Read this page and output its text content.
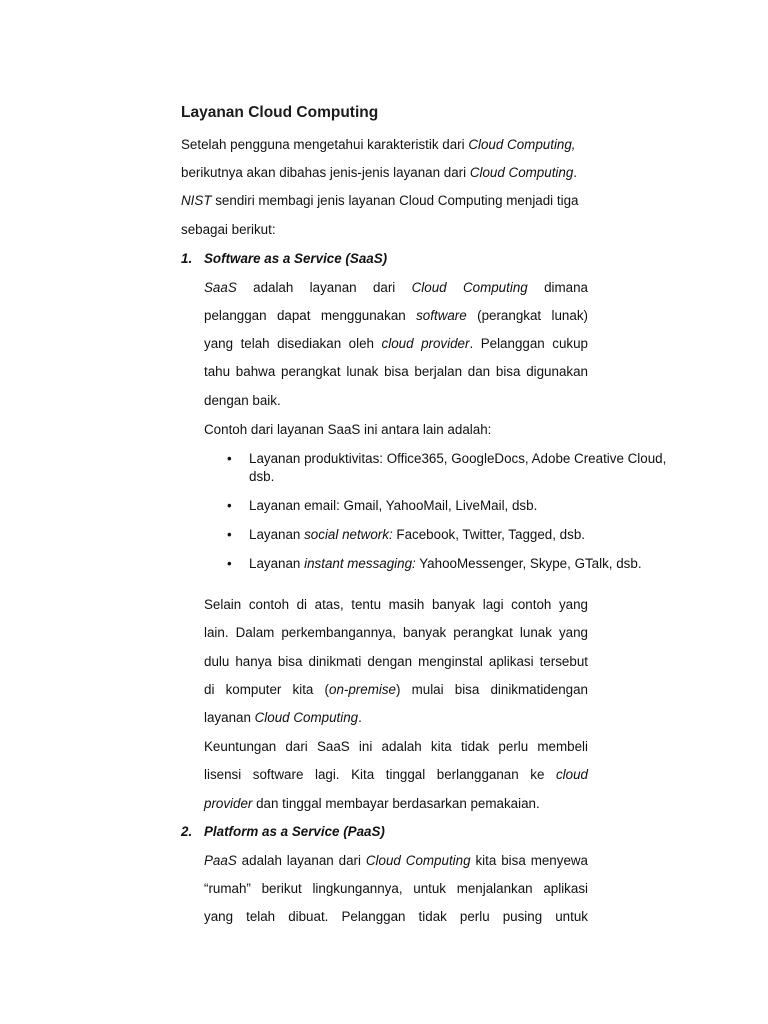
Layanan Cloud Computing
Setelah pengguna mengetahui karakteristik dari Cloud Computing,
berikutnya akan dibahas jenis-jenis layanan dari Cloud Computing.
NIST sendiri membagi jenis layanan Cloud Computing menjadi tiga
sebagai berikut:
1. Software as a Service (SaaS)
SaaS adalah layanan dari Cloud Computing dimana
pelanggan dapat menggunakan software (perangkat lunak)
yang telah disediakan oleh cloud provider. Pelanggan cukup
tahu bahwa perangkat lunak bisa berjalan dan bisa digunakan
dengan baik.
Contoh dari layanan SaaS ini antara lain adalah:
• Layanan produktivitas: Office365, GoogleDocs, Adobe Creative Cloud, dsb.
• Layanan email: Gmail, YahooMail, LiveMail, dsb.
• Layanan social network: Facebook, Twitter, Tagged, dsb.
• Layanan instant messaging: YahooMessenger, Skype, GTalk, dsb.
Selain contoh di atas, tentu masih banyak lagi contoh yang
lain. Dalam perkembangannya, banyak perangkat lunak yang
dulu hanya bisa dinikmati dengan menginstal aplikasi tersebut
di komputer kita (on-premise) mulai bisa dinikmatidengan
layanan Cloud Computing.
Keuntungan dari SaaS ini adalah kita tidak perlu membeli
lisensi software lagi. Kita tinggal berlangganan ke cloud
provider dan tinggal membayar berdasarkan pemakaian.
2. Platform as a Service (PaaS)
PaaS adalah layanan dari Cloud Computing kita bisa menyewa
“rumah” berikut lingkungannya, untuk menjalankan aplikasi
yang telah dibuat. Pelanggan tidak perlu pusing untuk
